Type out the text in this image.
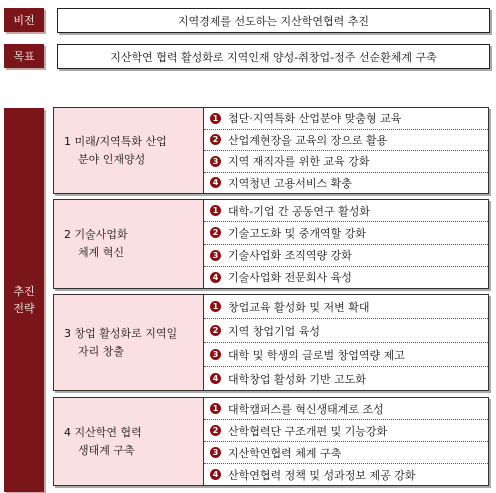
비전	지역경제를 선도하는 지산학연협력 추진
목표	지산학연 협력 활성화로 지역인재 양성-취창업-정주 선순환체계 구축
추진
전략
1 미래/지역특화 산업
분야 인재양성
1 첨단·지역특화 산업분야 맞춤형 교육
2 산업계현장을 교육의 장으로 활용
3 지역 재직자를 위한 교육 강화
4 지역청년 고용서비스 확충
2 기술사업화
체계 혁신
1 대학-기업 간 공동연구 활성화
2 기술고도화 및 중개역할 강화
3 기술사업화 조직역량 강화
4 기술사업화 전문회사 육성
3 창업 활성화로 지역일
자리 창출
1 창업교육 활성화 및 저변 확대
2 지역 창업기업 육성
3 대학 및 학생의 글로벌 창업역량 제고
4 대학창업 활성화 기반 고도화
4 지산학연 협력
생태계 구축
1 대학캠퍼스를 혁신생태계로 조성
2 산학협력단 구조개편 및 기능강화
3 지산학연협력 체계 구축
4 산학연협력 정책 및 성과정보 제공 강화
